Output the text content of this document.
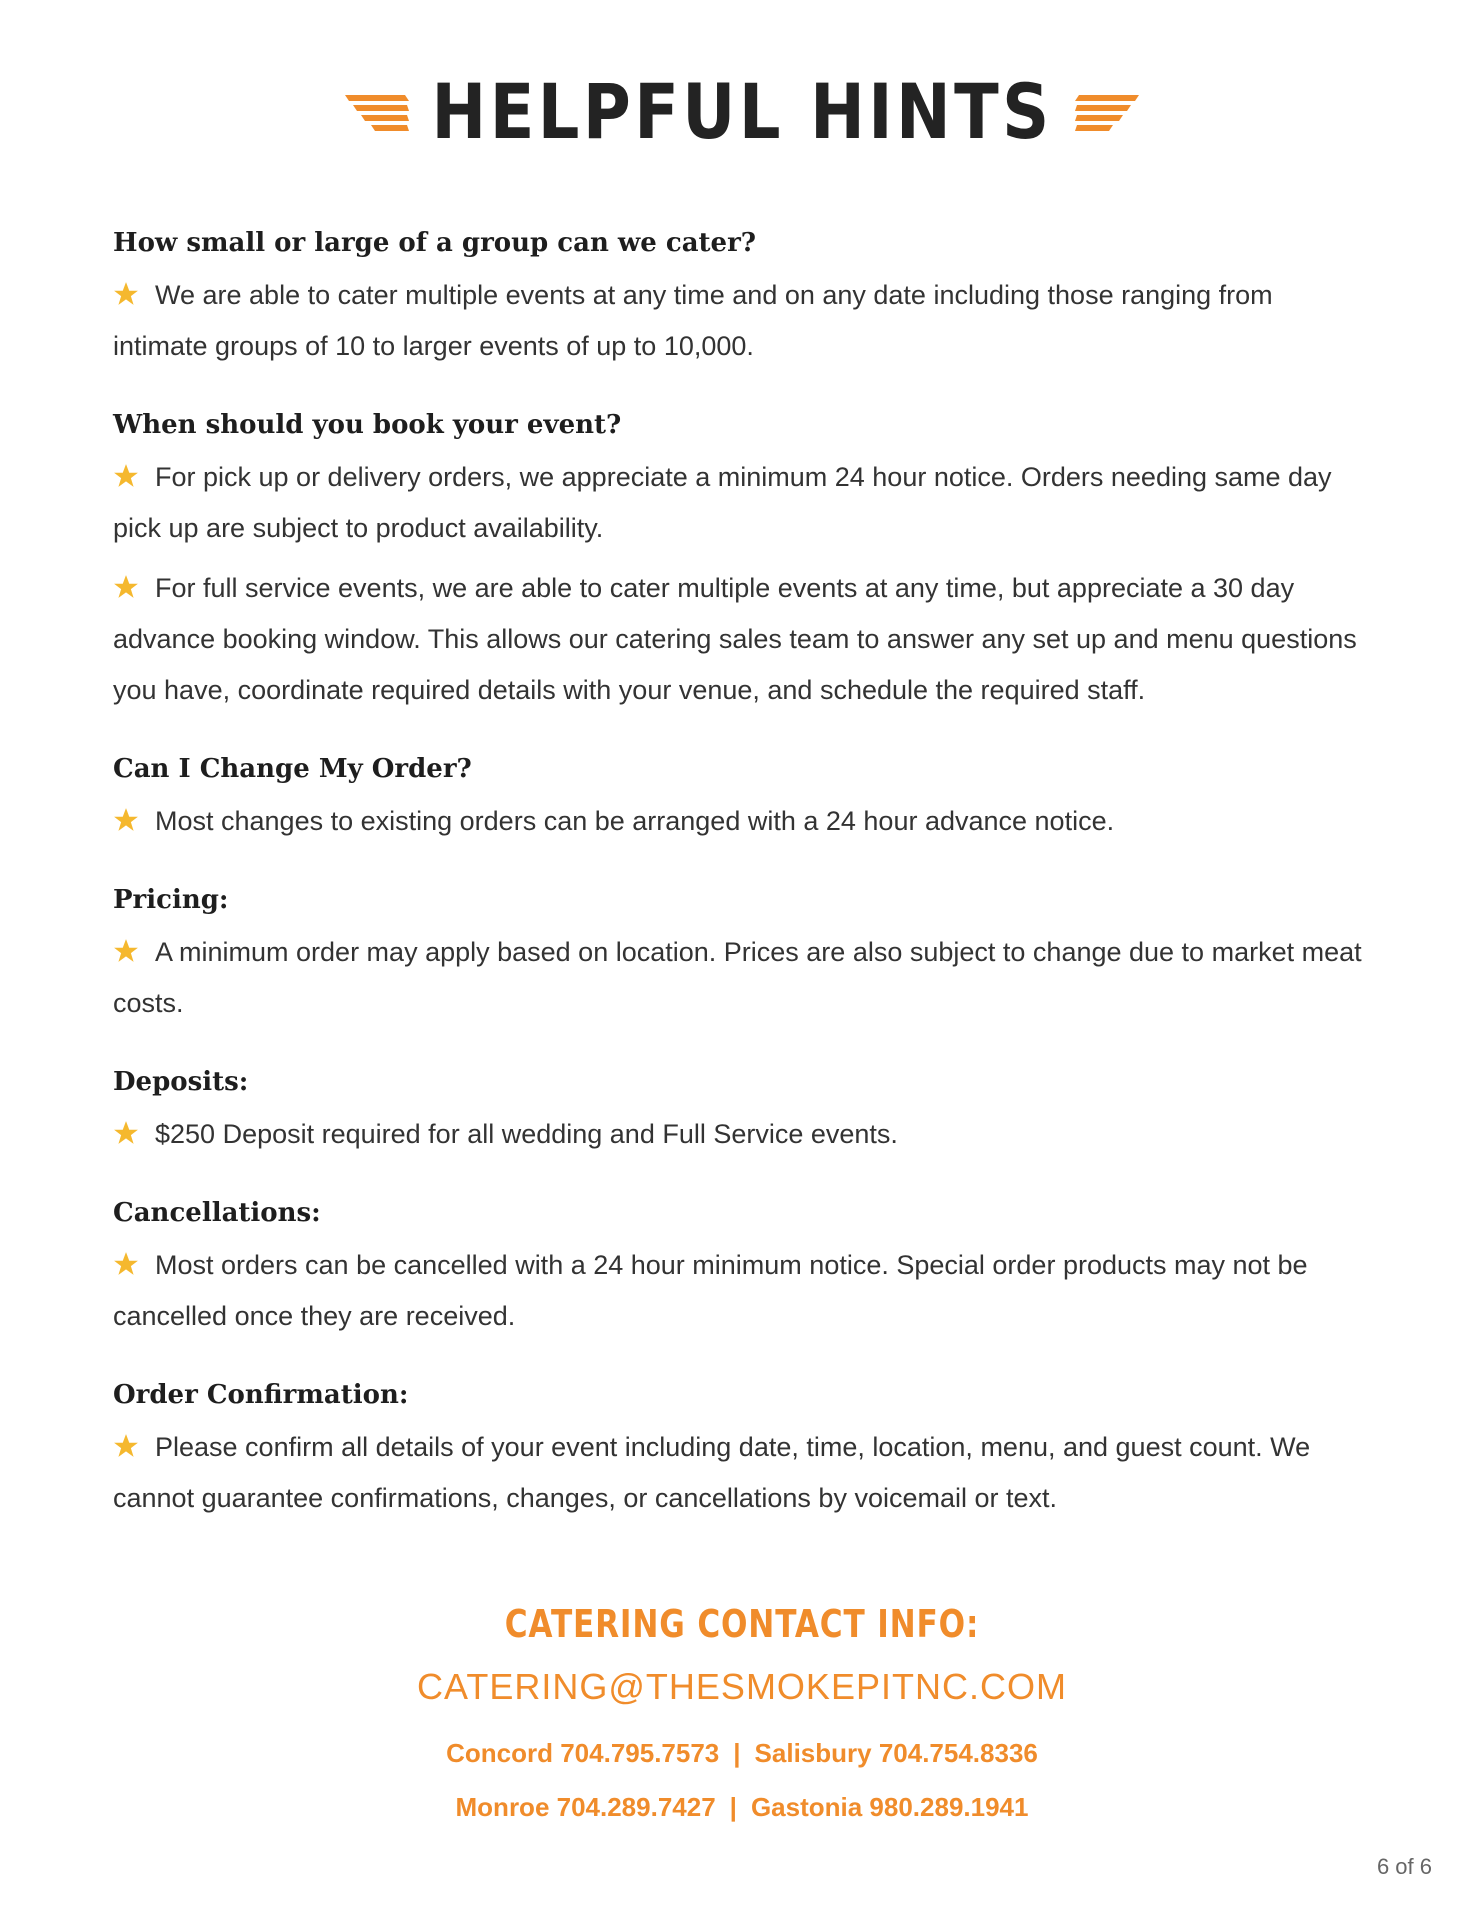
HELPFUL HINTS
How small or large of a group can we cater?

We are able to cater multiple events at any time and on any date including those ranging from intimate groups of 10 to larger events of up to 10,000.

When should you book your event?

For pick up or delivery orders, we appreciate a minimum 24 hour notice. Orders needing same day pick up are subject to product availability.

For full service events, we are able to cater multiple events at any time, but appreciate a 30 day advance booking window. This allows our catering sales team to answer any set up and menu questions you have, coordinate required details with your venue, and schedule the required staff.

Can I Change My Order?

Most changes to existing orders can be arranged with a 24 hour advance notice.

Pricing:

A minimum order may apply based on location. Prices are also subject to change due to market meat costs.

Deposits:

$250 Deposit required for all wedding and Full Service events.

Cancellations:

Most orders can be cancelled with a 24 hour minimum notice. Special order products may not be cancelled once they are received.

Order Confirmation:

Please confirm all details of your event including date, time, location, menu, and guest count. We cannot guarantee confirmations, changes, or cancellations by voicemail or text.

CATERING CONTACT INFO:
CATERING@THESMOKEPITNC.COM
Concord 704.795.7573 | Salisbury 704.754.8336
Monroe 704.289.7427 | Gastonia 980.289.1941
6 of 6
